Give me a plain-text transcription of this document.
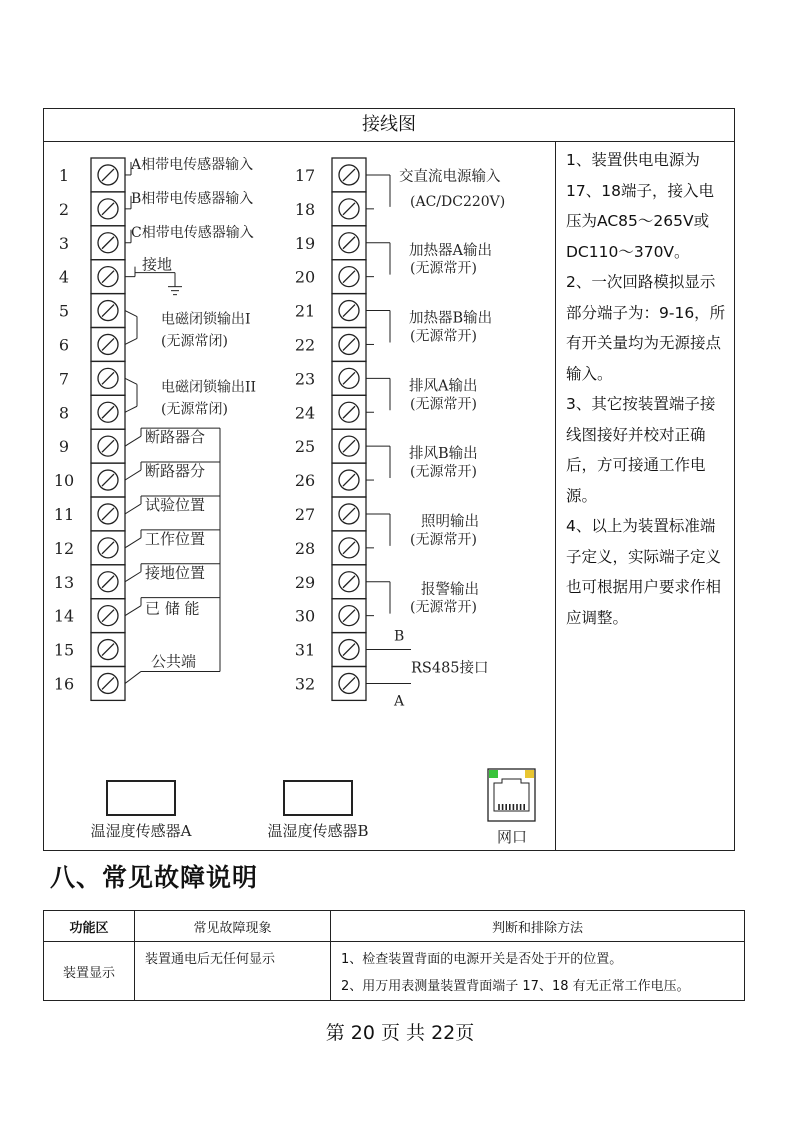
接线图
1
2
3
4
5
6
7
8
9
10
11
12
13
14
15
16
17
18
19
20
21
22
23
24
25
26
27
28
29
30
31
32
A相带电传感器输入
B相带电传感器输入
C相带电传感器输入
接地
电磁闭锁输出I
(无源常闭)
电磁闭锁输出II
(无源常闭)
断路器合
断路器分
试验位置
工作位置
接地位置
已 储 能
公共端
交直流电源输入
(AC/DC220V)
加热器A输出
(无源常开)
加热器B输出
(无源常开)
排风A输出
(无源常开)
排风B输出
(无源常开)
照明输出
(无源常开)
报警输出
(无源常开)
B
A
RS485接口
温湿度传感器A	温湿度传感器B	网口

1、装置供电电源为17、18端子，接入电压为AC85～265V或DC110～370V。

2、一次回路模拟显示部分端子为：9-16，所有开关量均为无源接点输入。

3、其它按装置端子接线图接好并校对正确后，方可接通工作电源。

4、以上为装置标准端子定义，实际端子定义也可根据用户要求作相应调整。

八、常见故障说明
功能区	常见故障现象	判断和排除方法
装置显示	装置通电后无任何显示	1、检查装置背面的电源开关是否处于开的位置。
2、用万用表测量装置背面端子 17、18 有无正常工作电压。
第 20 页 共 22页
